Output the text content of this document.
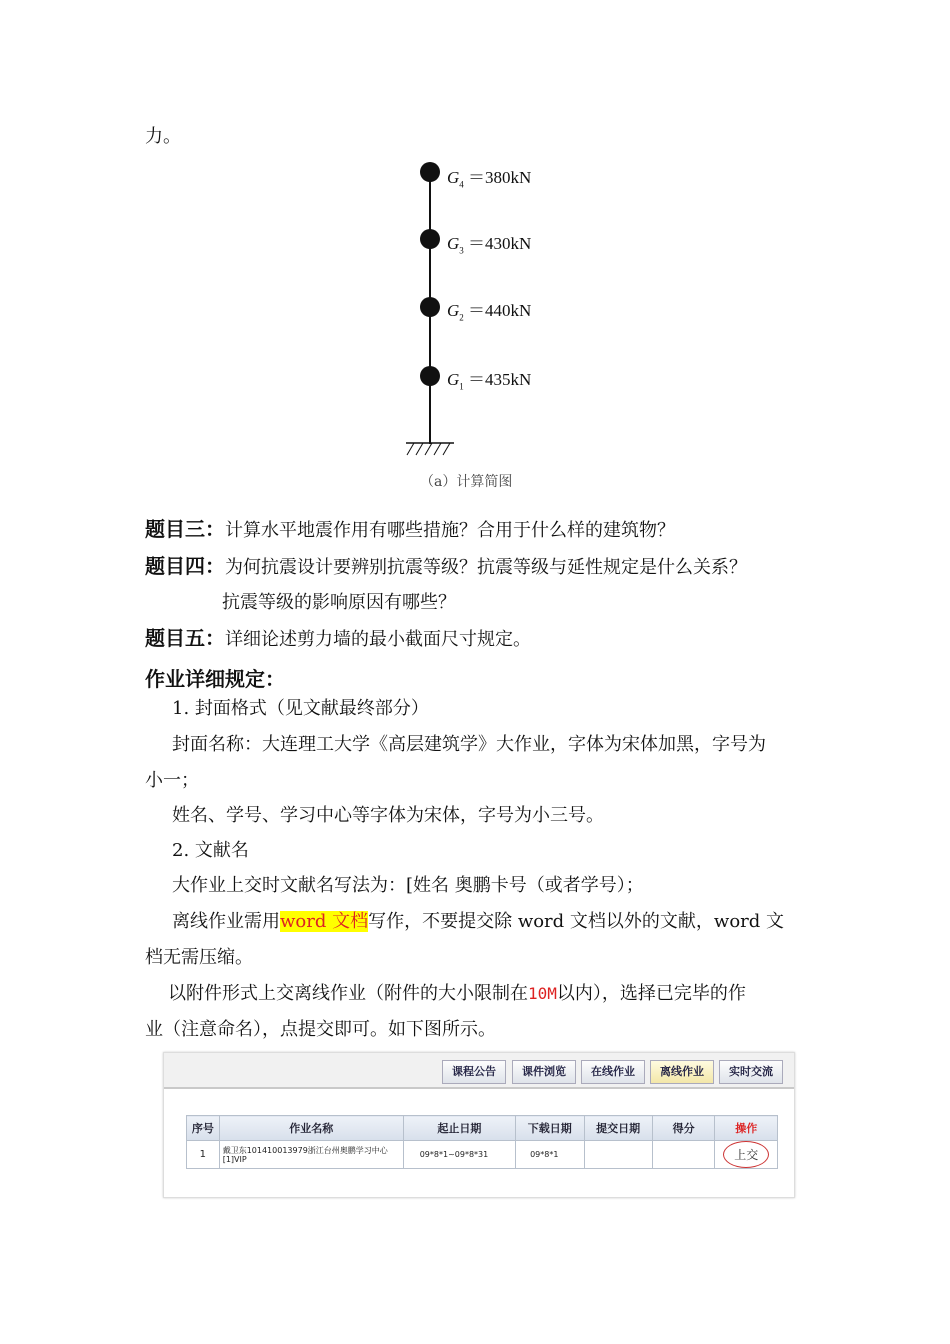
力。
$G_4 =380kN$
$G_3 =430kN$
$G_2 =440kN$
$G_1 =435kN$
（a）计算简图
题目三：计算水平地震作用有哪些措施？合用于什么样的建筑物？
题目四：为何抗震设计要辨别抗震等级？抗震等级与延性规定是什么关系？
抗震等级的影响原因有哪些？
题目五：详细论述剪力墙的最小截面尺寸规定。
作业详细规定：
1. 封面格式（见文献最终部分）
封面名称：大连理工大学《高层建筑学》大作业，字体为宋体加黑，字号为
小一；
姓名、学号、学习中心等字体为宋体，字号为小三号。
2. 文献名
大作业上交时文献名写法为：[姓名 奥鹏卡号（或者学号）；
离线作业需用word 文档写作，不要提交除 word 文档以外的文献，word 文
档无需压缩。
以附件形式上交离线作业（附件的大小限制在10M以内），选择已完毕的作
业（注意命名），点提交即可。如下图所示。
课程公告	课件浏览	在线作业	离线作业	实时交流
序号	作业名称	起止日期	下载日期	提交日期	得分	操作
1	戴卫东101410013979浙江台州奥鹏学习中心[1]VIP	09*8*1~09*8*31	09*8*1			上交
